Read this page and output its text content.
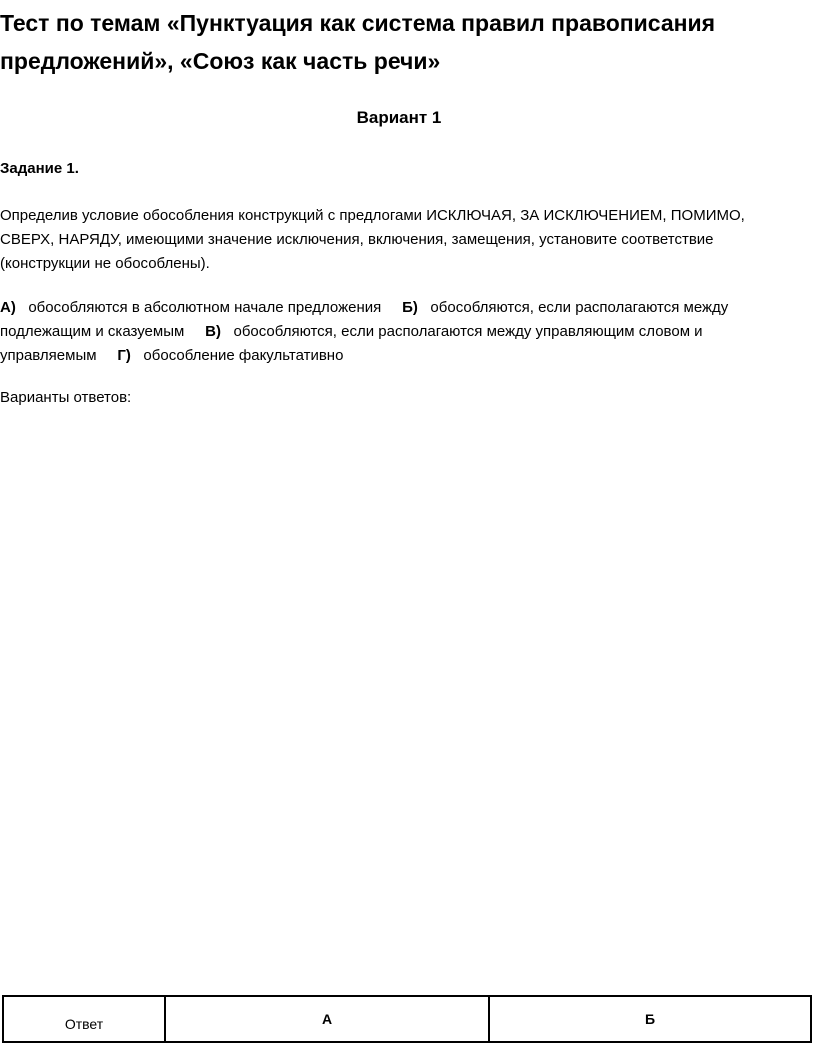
Тест по темам «Пунктуация как система правил правописания предложений», «Союз как часть речи»
Вариант 1
Задание 1.
Определив условие обособления конструкций с предлогами ИСКЛЮЧАЯ, ЗА ИСКЛЮЧЕНИЕМ, ПОМИМО, СВЕРХ, НАРЯДУ, имеющими значение исключения, включения, замещения, установите соответствие (конструкции не обособлены).
А) обособляются в абсолютном начале предложения Б) обособляются, если располагаются между подлежащим и сказуемым В) обособляются, если располагаются между управляющим словом и управляемым Г) обособление факультативно
Варианты ответов:
Ответ	А	Б
